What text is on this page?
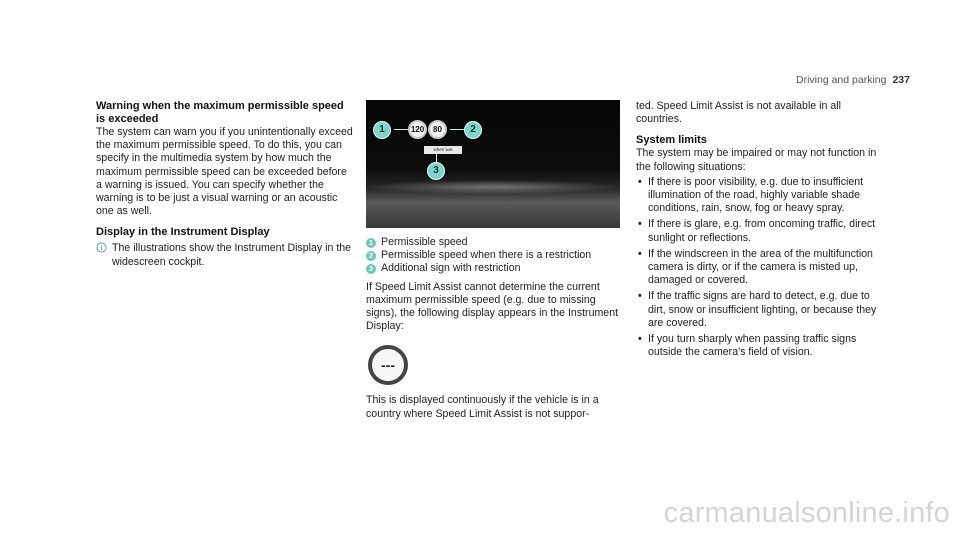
Driving and parking 237
Warning when the maximum permissible speed is exceeded

The system can warn you if you unintentionally exceed the maximum permissible speed. To do this, you can specify in the multimedia system by how much the maximum permissible speed can be exceeded before a warning is issued. You can specify whether the warning is to be just a visual warning or an acoustic one as well.

Display in the Instrument Display
The illustrations show the Instrument Display in the widescreen cockpit.
120	80
when wet
1	2
3
1 Permissible speed
2 Permissible speed when there is a restriction
3 Additional sign with restriction

If Speed Limit Assist cannot determine the current maximum permissible speed (e.g. due to missing signs), the following display appears in the Instrument Display:

---

This is displayed continuously if the vehicle is in a country where Speed Limit Assist is not suppor-

ted. Speed Limit Assist is not available in all countries.

System limits

The system may be impaired or may not function in the following situations:

• If there is poor visibility, e.g. due to insufficient illumination of the road, highly variable shade conditions, rain, snow, fog or heavy spray.
• If there is glare, e.g. from oncoming traffic, direct sunlight or reflections.
• If the windscreen in the area of the multifunction camera is dirty, or if the camera is misted up, damaged or covered.
• If the traffic signs are hard to detect, e.g. due to dirt, snow or insufficient lighting, or because they are covered.
• If you turn sharply when passing traffic signs outside the camera's field of vision.
carmanualsonline.info
